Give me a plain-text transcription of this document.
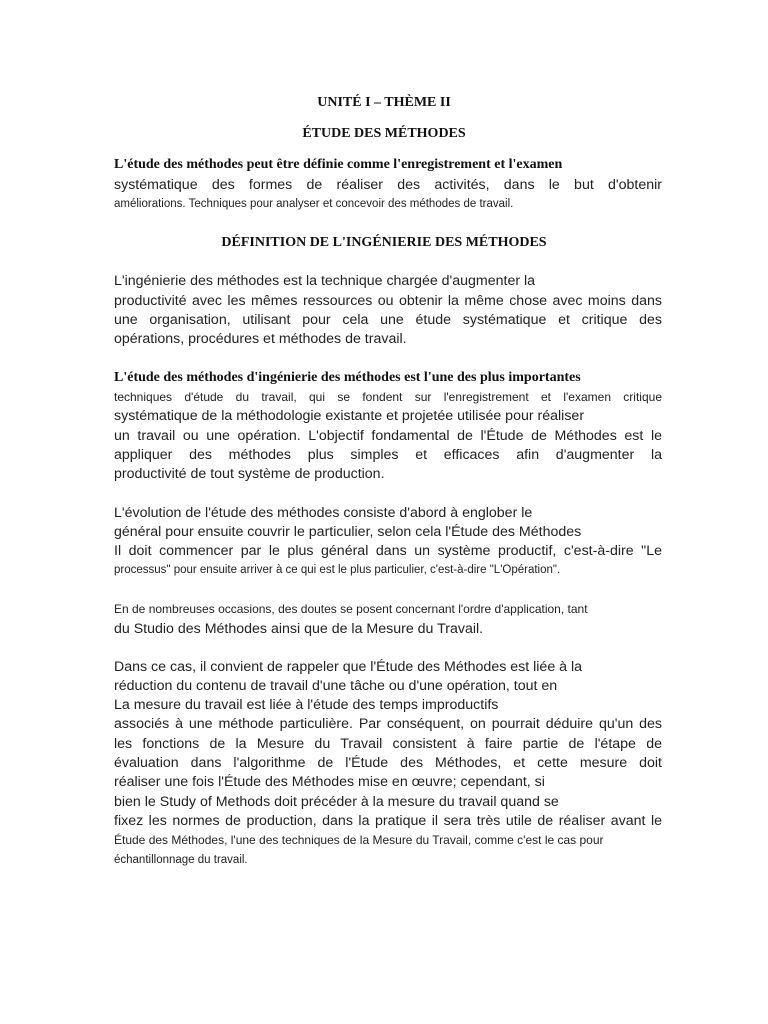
UNITÉ I – THÈME II
ÉTUDE DES MÉTHODES
L'étude des méthodes peut être définie comme l'enregistrement et l'examen
systématique des formes de réaliser des activités, dans le but d'obtenir
améliorations. Techniques pour analyser et concevoir des méthodes de travail.
DÉFINITION DE L'INGÉNIERIE DES MÉTHODES
L'ingénierie des méthodes est la technique chargée d'augmenter la
productivité avec les mêmes ressources ou obtenir la même chose avec moins dans
une organisation, utilisant pour cela une étude systématique et critique des
opérations, procédures et méthodes de travail.
L'étude des méthodes d'ingénierie des méthodes est l'une des plus importantes
techniques d'étude du travail, qui se fondent sur l'enregistrement et l'examen critique
systématique de la méthodologie existante et projetée utilisée pour réaliser
un travail ou une opération. L'objectif fondamental de l'Étude de Méthodes est le
appliquer des méthodes plus simples et efficaces afin d'augmenter la
productivité de tout système de production.
L'évolution de l'étude des méthodes consiste d'abord à englober le
général pour ensuite couvrir le particulier, selon cela l'Étude des Méthodes
Il doit commencer par le plus général dans un système productif, c'est-à-dire "Le
processus" pour ensuite arriver à ce qui est le plus particulier, c'est-à-dire "L'Opération".
En de nombreuses occasions, des doutes se posent concernant l'ordre d'application, tant
du Studio des Méthodes ainsi que de la Mesure du Travail.
Dans ce cas, il convient de rappeler que l'Étude des Méthodes est liée à la
réduction du contenu de travail d'une tâche ou d'une opération, tout en
La mesure du travail est liée à l'étude des temps improductifs
associés à une méthode particulière. Par conséquent, on pourrait déduire qu'un des
les fonctions de la Mesure du Travail consistent à faire partie de l'étape de
évaluation dans l'algorithme de l'Étude des Méthodes, et cette mesure doit
réaliser une fois l'Étude des Méthodes mise en œuvre; cependant, si
bien le Study of Methods doit précéder à la mesure du travail quand se
fixez les normes de production, dans la pratique il sera très utile de réaliser avant le
Étude des Méthodes, l'une des techniques de la Mesure du Travail, comme c'est le cas pour
échantillonnage du travail.
